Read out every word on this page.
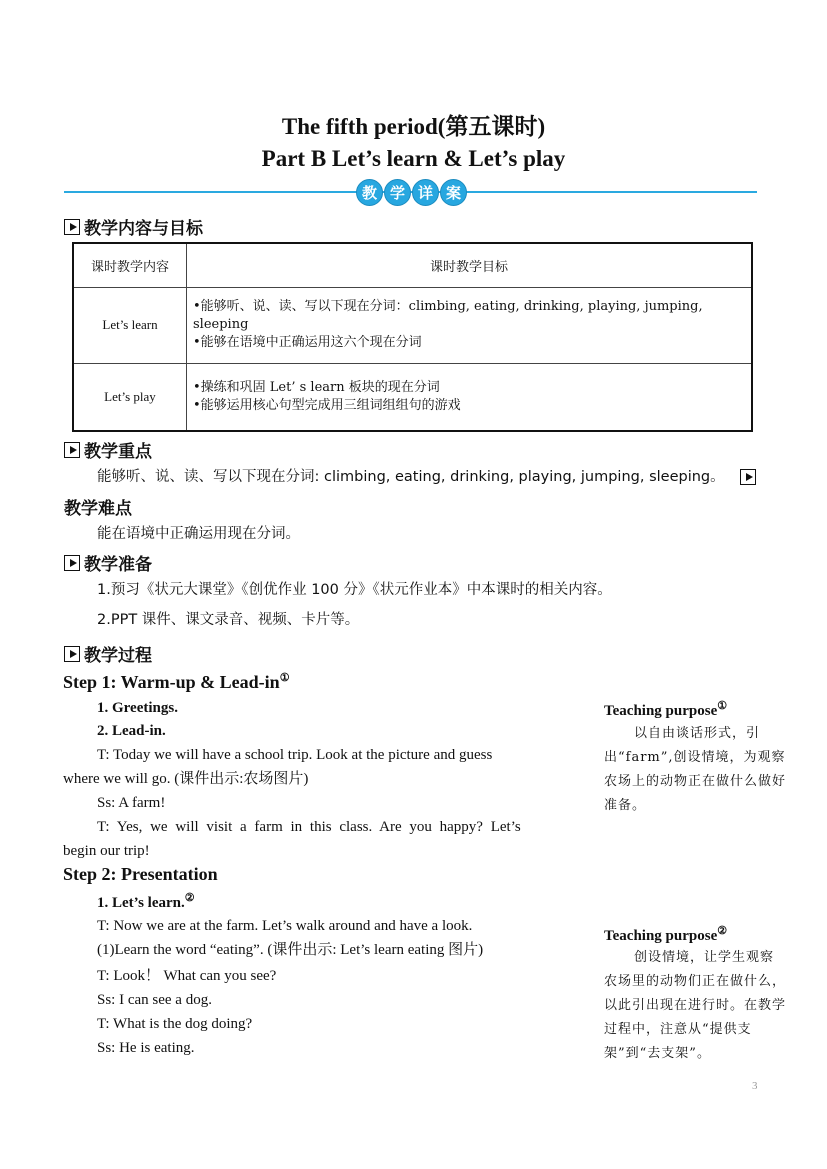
The fifth period(第五课时)
Part B Let’s learn & Let’s play
教 学 详 案
教学内容与目标
课时教学内容	课时教学目标
Let’s learn	•能够听、说、读、写以下现在分词：climbing, eating, drinking, playing, jumping, sleeping
•能够在语境中正确运用这六个现在分词

Let’s play	•操练和巩固 Let’ s learn 板块的现在分词
•能够运用核心句型完成用三组词组组句的游戏
教学重点
能够听、说、读、写以下现在分词: climbing, eating, drinking, playing, jumping, sleeping。
教学难点
能在语境中正确运用现在分词。
教学准备
1.预习《状元大课堂》《创优作业 100 分》《状元作业本》中本课时的相关内容。
2.PPT 课件、课文录音、视频、卡片等。
教学过程
Step 1: Warm-up & Lead-in①
1. Greetings.
2. Lead-in.
T: Today we will have a school trip. Look at the picture and guess
where we will go. (课件出示:农场图片)
Ss: A farm!
T: Yes, we will visit a farm in this class. Are you happy? Let’s
begin our trip!
Step 2: Presentation
1. Let’s learn.②
T: Now we are at the farm. Let’s walk around and have a look.
(1)Learn the word “eating”. (课件出示: Let’s learn eating 图片)
T: Look！ What can you see?
Ss: I can see a dog.
T: What is the dog doing?
Ss: He is eating.
Teaching purpose①
以自由谈话形式，引出“farm”,创设情境，为观察农场上的动物正在做什么做好准备。
Teaching purpose②
创设情境，让学生观察农场里的动物们正在做什么，以此引出现在进行时。在教学过程中，注意从“提供支架”到“去支架”。
3
